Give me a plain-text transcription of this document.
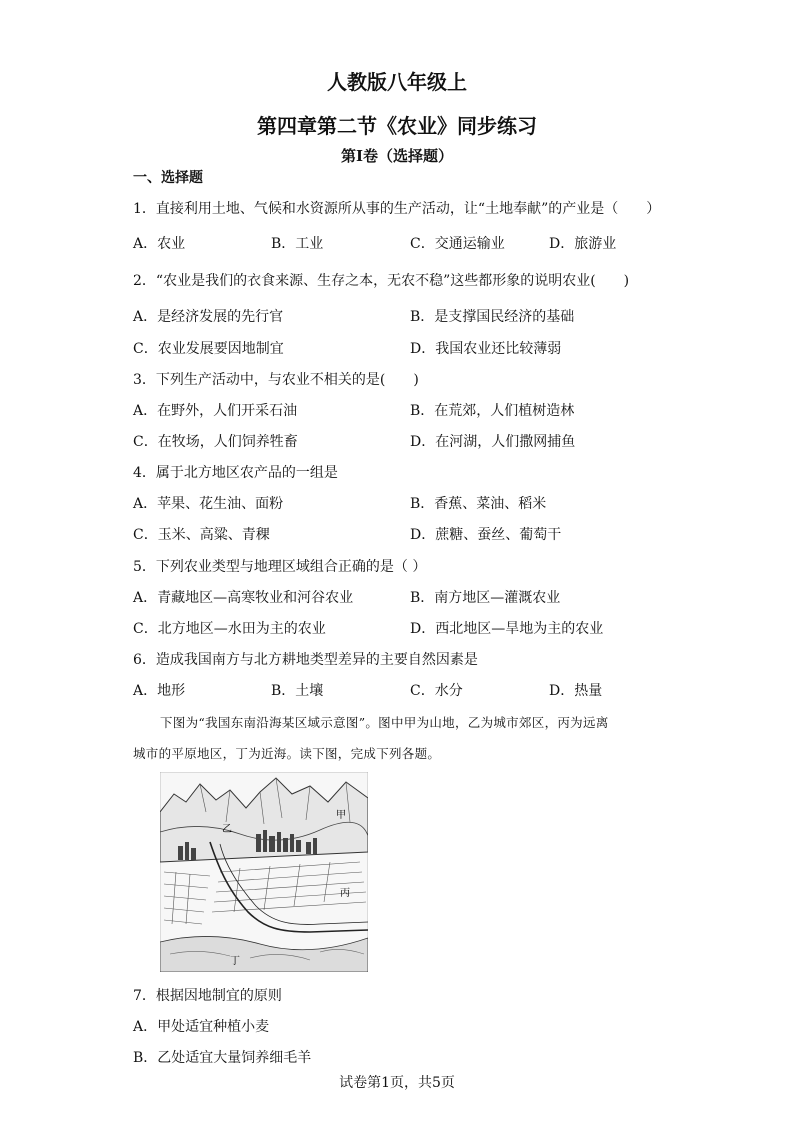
人教版八年级上
第四章第二节《农业》同步练习
第I卷（选择题）
一、选择题
1．直接利用土地、气候和水资源所从事的生产活动，让“土地奉献”的产业是（　　）
A．农业	B．工业	C．交通运输业	D．旅游业
2．“农业是我们的衣食来源、生存之本，无农不稳”这些都形象的说明农业(　　)
A．是经济发展的先行官	B．是支撑国民经济的基础
C．农业发展要因地制宜	D．我国农业还比较薄弱
3．下列生产活动中，与农业不相关的是(　　)
A．在野外，人们开采石油	B．在荒郊，人们植树造林
C．在牧场，人们饲养牲畜	D．在河湖，人们撒网捕鱼
4．属于北方地区农产品的一组是
A．苹果、花生油、面粉	B．香蕉、菜油、稻米
C．玉米、高粱、青稞	D．蔗糖、蚕丝、葡萄干
5．下列农业类型与地理区域组合正确的是（ ）
A．青藏地区—高寒牧业和河谷农业	B．南方地区—灌溉农业
C．北方地区—水田为主的农业	D．西北地区—旱地为主的农业
6．造成我国南方与北方耕地类型差异的主要自然因素是
A．地形	B．土壤	C．水分	D．热量
下图为“我国东南沿海某区域示意图”。图中甲为山地，乙为城市郊区，丙为远离
城市的平原地区，丁为近海。读下图，完成下列各题。
乙
甲
丙
丁
7．根据因地制宜的原则
A．甲处适宜种植小麦
B．乙处适宜大量饲养细毛羊
试卷第1页，共5页
